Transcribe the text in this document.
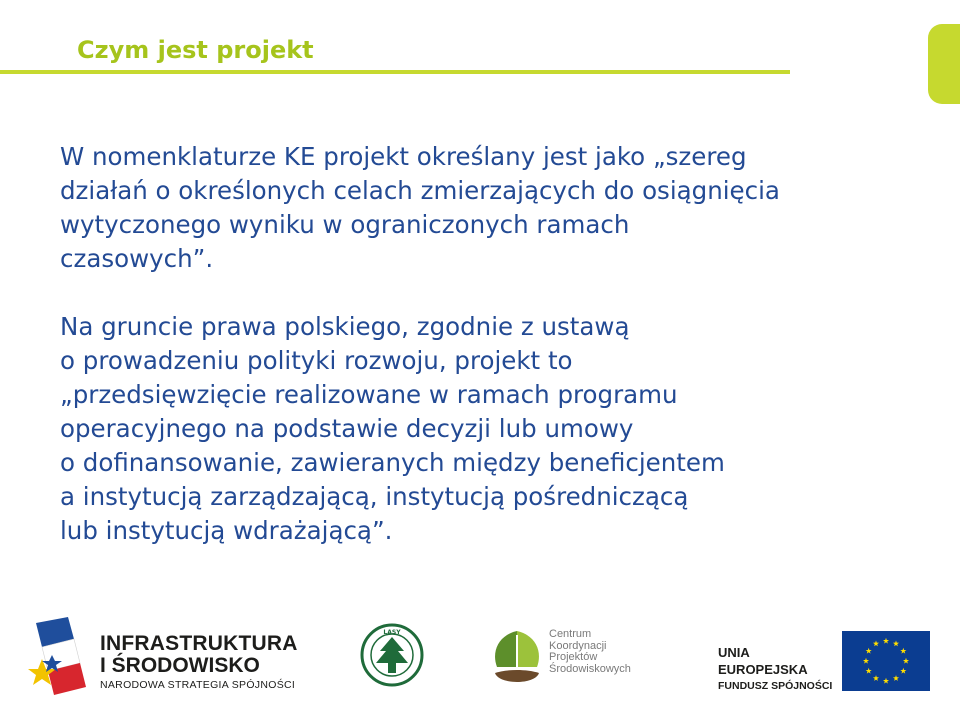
Czym jest projekt

W nomenklaturze KE projekt określany jest jako „szereg
działań o określonych celach zmierzających do osiągnięcia
wytyczonego wyniku w ograniczonych ramach
czasowych”.

Na gruncie prawa polskiego, zgodnie z ustawą
o prowadzeniu polityki rozwoju, projekt to
„przedsięwzięcie realizowane w ramach programu
operacyjnego na podstawie decyzji lub umowy
o dofinansowanie, zawieranych między beneficjentem
a instytucją zarządzającą, instytucją pośredniczącą
lub instytucją wdrażającą”.

INFRASTRUKTURA
I ŚRODOWISKO
NARODOWA STRATEGIA SPÓJNOŚCI
LASY	Centrum
Koordynacji
Projektów
Środowiskowych
UNIA EUROPEJSKA
FUNDUSZ SPÓJNOŚCI
